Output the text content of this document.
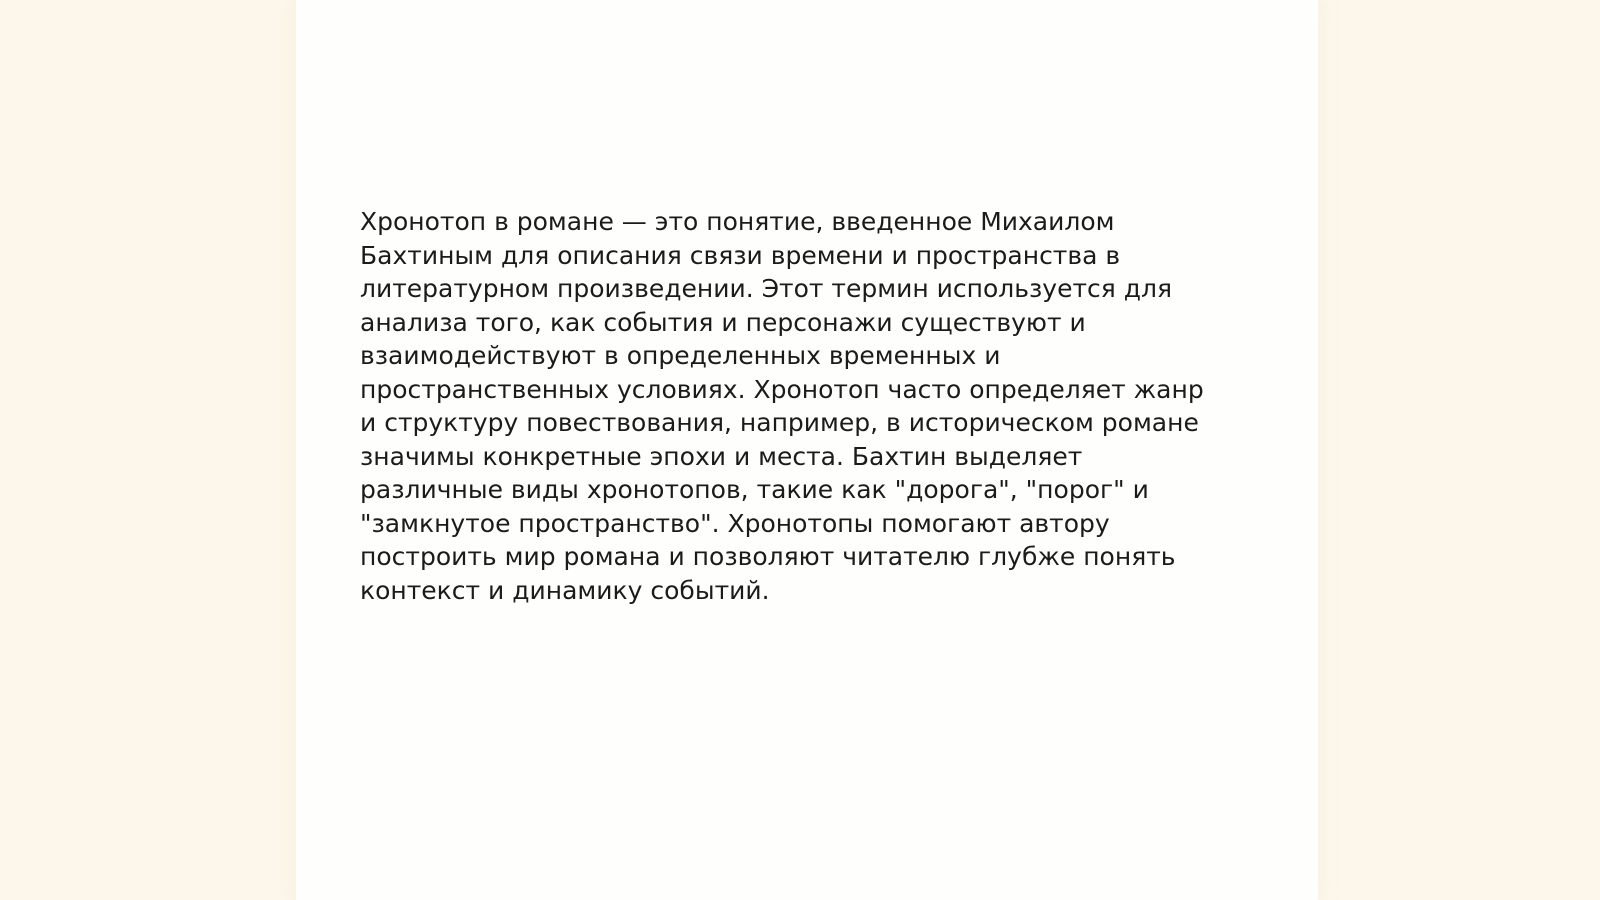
Хронотоп в романе — это понятие, введенное Михаилом
Бахтиным для описания связи времени и пространства в
литературном произведении. Этот термин используется для
анализа того, как события и персонажи существуют и
взаимодействуют в определенных временных и
пространственных условиях. Хронотоп часто определяет жанр
и структуру повествования, например, в историческом романе
значимы конкретные эпохи и места. Бахтин выделяет
различные виды хронотопов, такие как "дорога", "порог" и
"замкнутое пространство". Хронотопы помогают автору
построить мир романа и позволяют читателю глубже понять
контекст и динамику событий.
